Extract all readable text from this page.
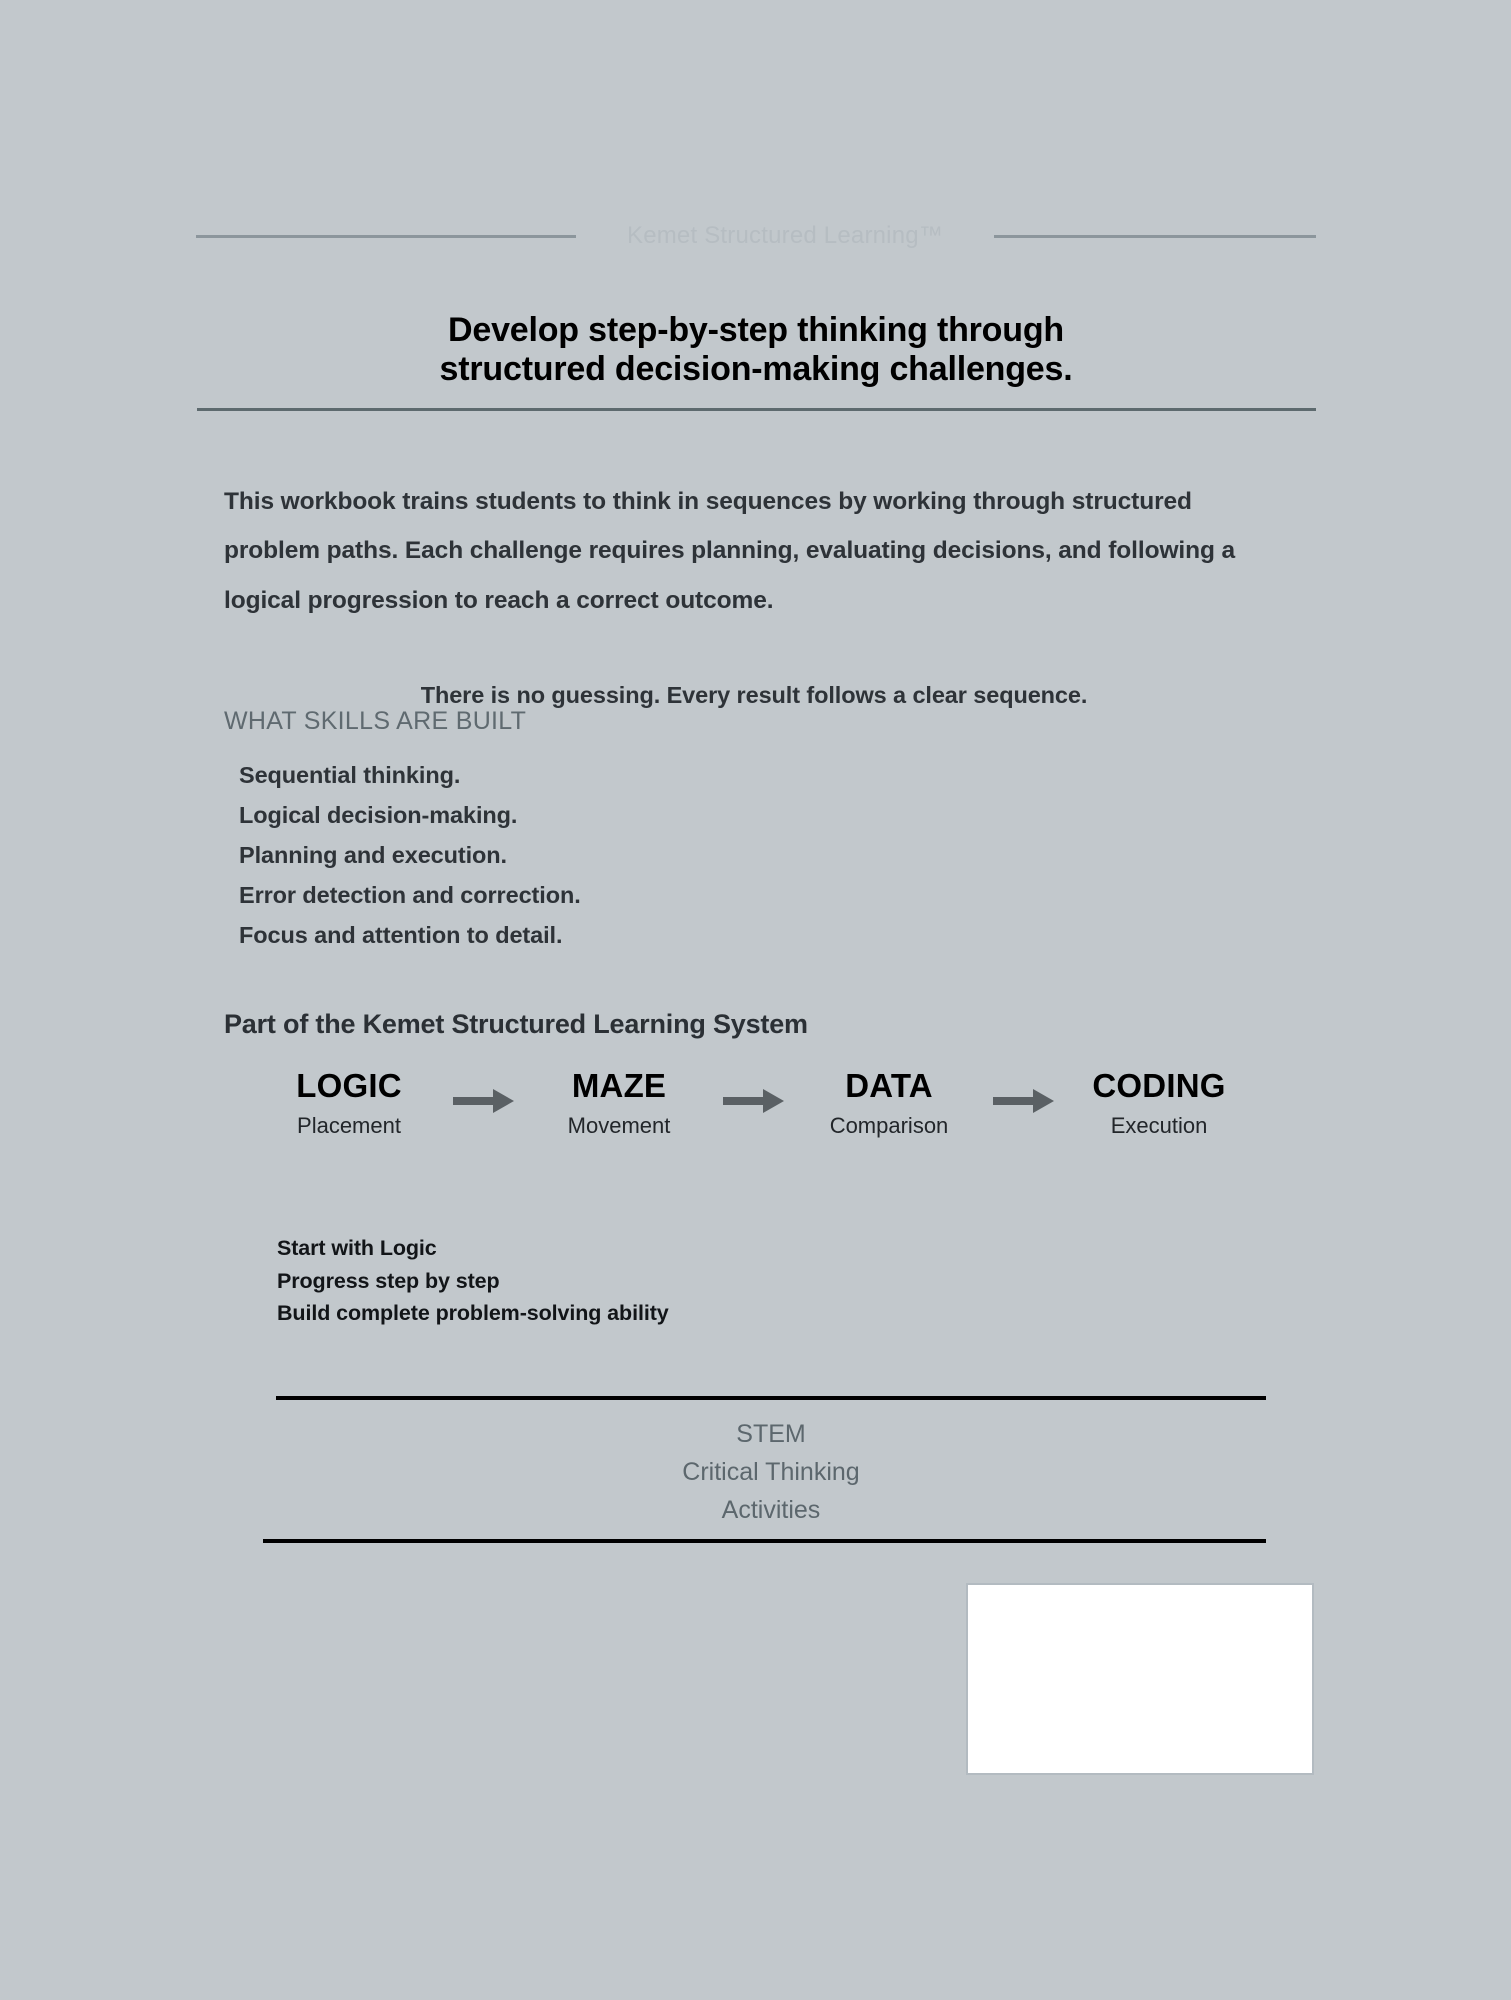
Kemet Structured Learning™
Develop step-by-step thinking through
structured decision-making challenges.

This workbook trains students to think in sequences by working through structured problem paths. Each challenge requires planning, evaluating decisions, and following a logical progression to reach a correct outcome.

There is no guessing. Every result follows a clear sequence.

WHAT SKILLS ARE BUILT
Sequential thinking.
Logical decision-making.
Planning and execution.
Error detection and correction.
Focus and attention to detail.
Part of the Kemet Structured Learning System
LOGIC
Placement
MAZE
Movement
DATA
Comparison
CODING
Execution
Start with Logic
Progress step by step
Build complete problem-solving ability
STEM
Critical Thinking
Activities
